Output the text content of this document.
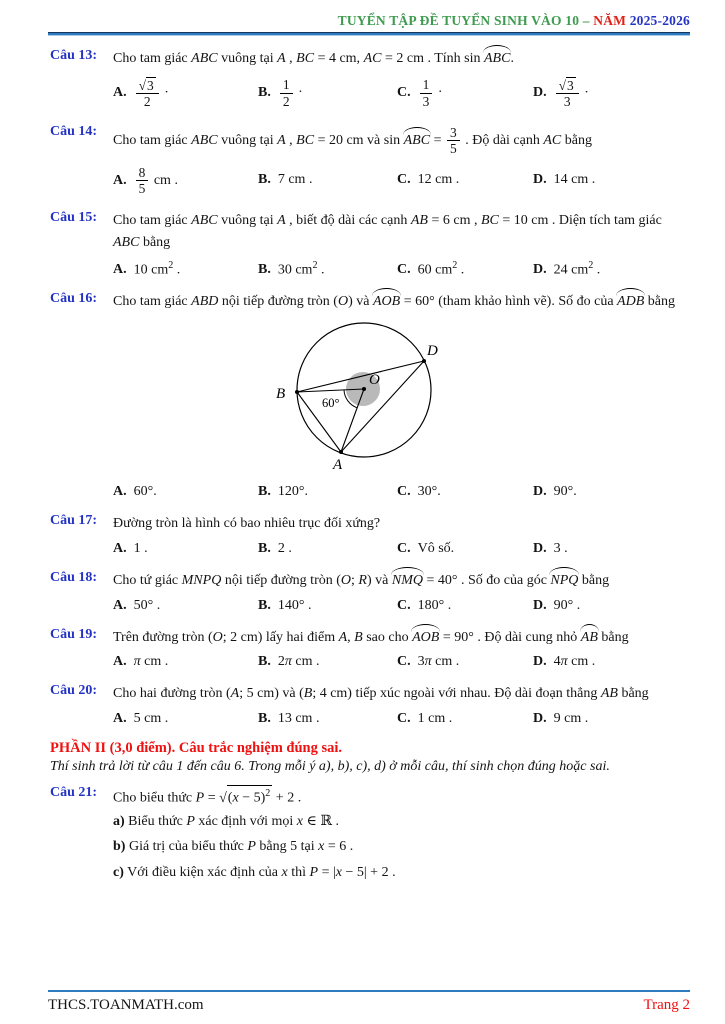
TUYỂN TẬP ĐỀ TUYỂN SINH VÀO 10 – NĂM 2025-2026
Câu 13:	Cho tam giác ABC vuông tại A , BC = 4 cm, AC = 2 cm . Tính sin ABC.
A. $\frac{√3}{2}$ ·	B. $\frac{1}{2}$ ·	C. $\frac{1}{3}$ ·	D. $\frac{√3}{3}$ ·
Câu 14:
Cho tam giác ABC vuông tại A , BC = 20 cm và sin ABC = $\frac{3}{5}$ . Độ dài cạnh AC bằng
A. $\frac{8}{5}$ cm .	B. 7 cm .	C. 12 cm .	D. 14 cm .
Câu 15:	Cho tam giác ABC vuông tại A , biết độ dài các cạnh AB = 6 cm , BC = 10 cm . Diện tích tam giác ABC bằng
A. 10 $cm^2$ .	B. 30 $cm^2$ .	C. 60 $cm^2$ .	D. 24 $cm^2$ .
Câu 16:	Cho tam giác ABD nội tiếp đường tròn (O) và AOB = 60° (tham khảo hình vẽ). Số đo của ADB bằng
B
D
O
A
60°
A. 60°.	B. 120°.	C. 30°.	D. 90°.
Câu 17:	Đường tròn là hình có bao nhiêu trục đối xứng?
A. 1 .	B. 2 .	C. Vô số.	D. 3 .
Câu 18:	Cho tứ giác MNPQ nội tiếp đường tròn (O; R) và NMQ = 40° . Số đo của góc NPQ bằng
A. 50° .	B. 140° .	C. 180° .	D. 90° .
Câu 19:	Trên đường tròn (O; 2 cm) lấy hai điểm A, B sao cho AOB = 90° . Độ dài cung nhỏ AB bằng
A. π cm .	B. 2π cm .	C. 3π cm .	D. 4π cm .
Câu 20:	Cho hai đường tròn (A; 5 cm) và (B; 4 cm) tiếp xúc ngoài với nhau. Độ dài đoạn thẳng AB bằng
A. 5 cm .	B. 13 cm .	C. 1 cm .	D. 9 cm .
PHẦN II (3,0 điểm). Câu trắc nghiệm đúng sai.
Thí sinh trả lời từ câu 1 đến câu 6. Trong mỗi ý a), b), c), d) ở mỗi câu, thí sinh chọn đúng hoặc sai.
Câu 21:	Cho biểu thức $P = √(x - 5)^2 + 2$ .
a) Biểu thức P xác định với mọi x ∈ ℝ .
b) Giá trị của biểu thức P bằng 5 tại x = 6 .
c) Với điều kiện xác định của x thì P = |x − 5| + 2 .
THCS.TOANMATH.com	Trang 2
